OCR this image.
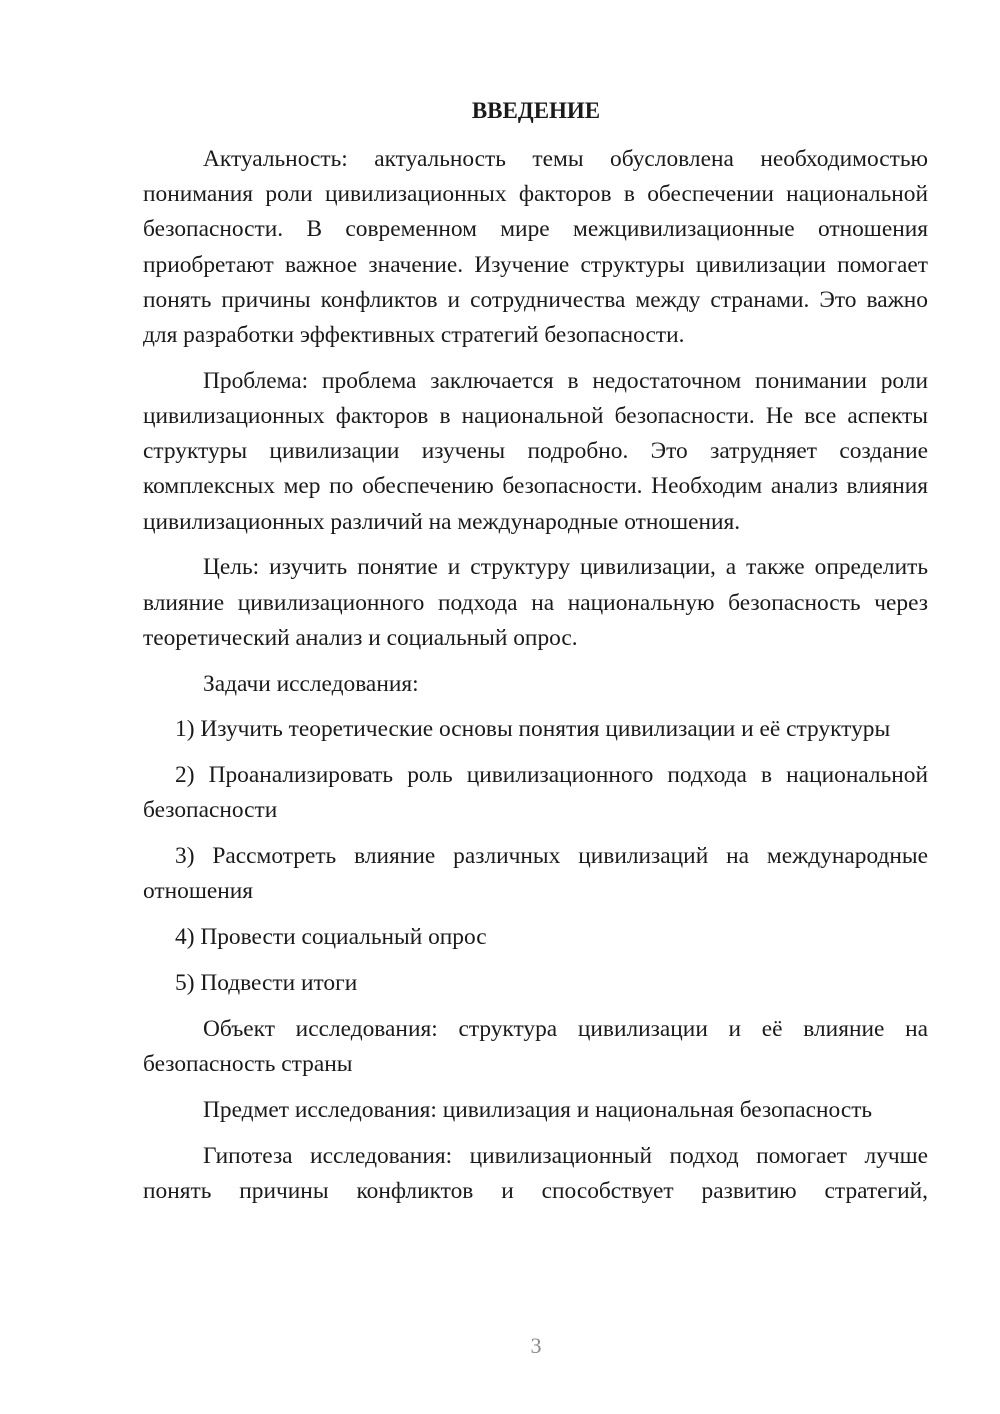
ВВЕДЕНИЕ

Актуальность: актуальность темы обусловлена необходимостью понимания роли цивилизационных факторов в обеспечении национальной безопасности. В современном мире межцивилизационные отношения приобретают важное значение. Изучение структуры цивилизации помогает понять причины конфликтов и сотрудничества между странами. Это важно для разработки эффективных стратегий безопасности.

Проблема: проблема заключается в недостаточном понимании роли цивилизационных факторов в национальной безопасности. Не все аспекты структуры цивилизации изучены подробно. Это затрудняет создание комплексных мер по обеспечению безопасности. Необходим анализ влияния цивилизационных различий на международные отношения.

Цель: изучить понятие и структуру цивилизации, а также определить влияние цивилизационного подхода на национальную безопасность через теоретический анализ и социальный опрос.

Задачи исследования:

1) Изучить теоретические основы понятия цивилизации и её структуры

2) Проанализировать роль цивилизационного подхода в национальной безопасности

3) Рассмотреть влияние различных цивилизаций на международные отношения

4) Провести социальный опрос

5) Подвести итоги

Объект исследования: структура цивилизации и её влияние на безопасность страны

Предмет исследования: цивилизация и национальная безопасность

Гипотеза исследования: цивилизационный подход помогает лучше понять причины конфликтов и способствует развитию стратегий,

3
